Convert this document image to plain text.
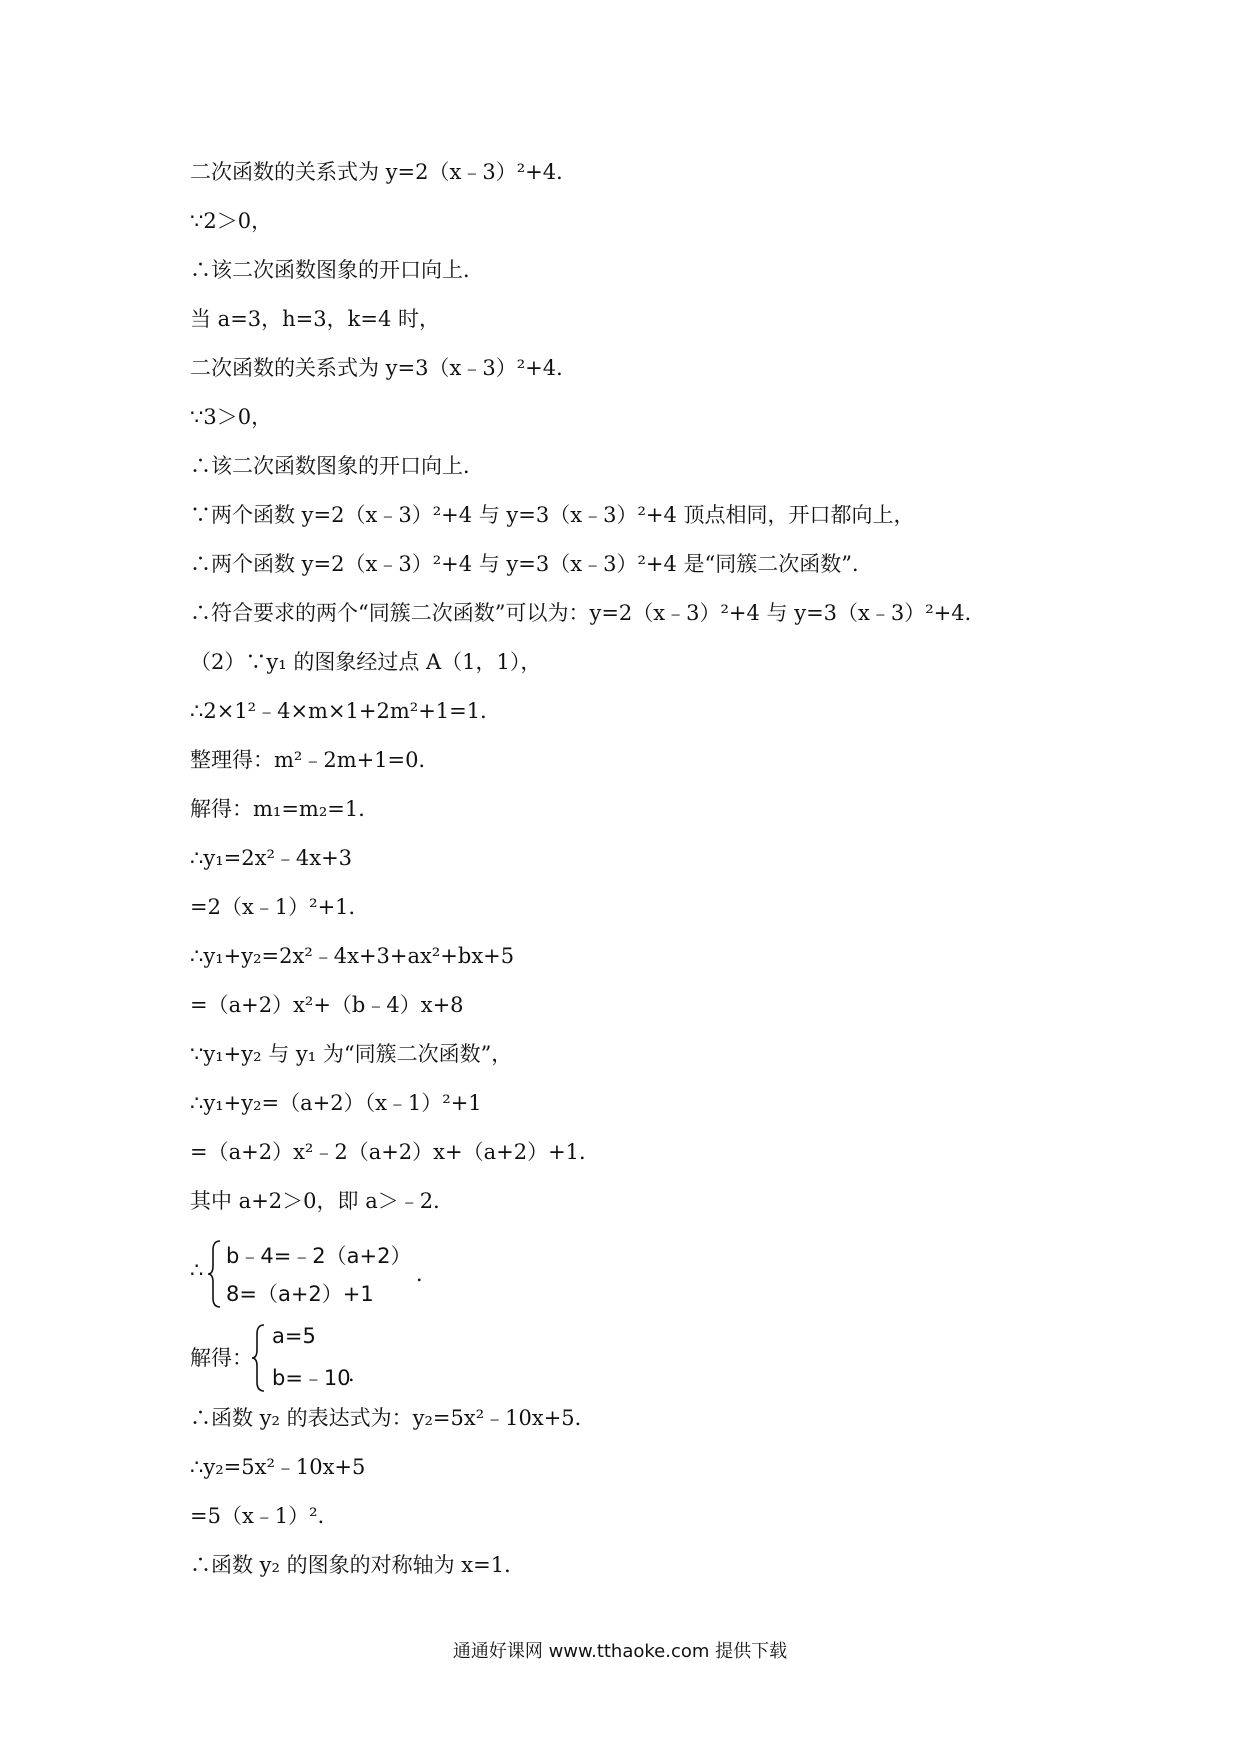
二次函数的关系式为 y=2（x﹣3）²+4．
∵2＞0，
∴该二次函数图象的开口向上．
当 a=3，h=3，k=4 时，
二次函数的关系式为 y=3（x﹣3）²+4．
∵3＞0，
∴该二次函数图象的开口向上．
∵两个函数 y=2（x﹣3）²+4 与 y=3（x﹣3）²+4 顶点相同，开口都向上，
∴两个函数 y=2（x﹣3）²+4 与 y=3（x﹣3）²+4 是“同簇二次函数”．
∴符合要求的两个“同簇二次函数”可以为：y=2（x﹣3）²+4 与 y=3（x﹣3）²+4．
（2）∵y₁ 的图象经过点 A（1，1），
∴2×1²﹣4×m×1+2m²+1=1．
整理得：m²﹣2m+1=0．
解得：m₁=m₂=1．
∴y₁=2x²﹣4x+3
=2（x﹣1）²+1．
∴y₁+y₂=2x²﹣4x+3+ax²+bx+5
=（a+2）x²+（b﹣4）x+8
∵y₁+y₂ 与 y₁ 为“同簇二次函数”，
∴y₁+y₂=（a+2）（x﹣1）²+1
=（a+2）x²﹣2（a+2）x+（a+2）+1．
其中 a+2＞0，即 a＞﹣2．
∴
b﹣4=﹣2（a+2）
8=（a+2）+1
．
解得：
a=5
b=﹣10
．
∴函数 y₂ 的表达式为：y₂=5x²﹣10x+5．
∴y₂=5x²﹣10x+5
=5（x﹣1）²．
∴函数 y₂ 的图象的对称轴为 x=1．
通通好课网 www.tthaoke.com 提供下载
